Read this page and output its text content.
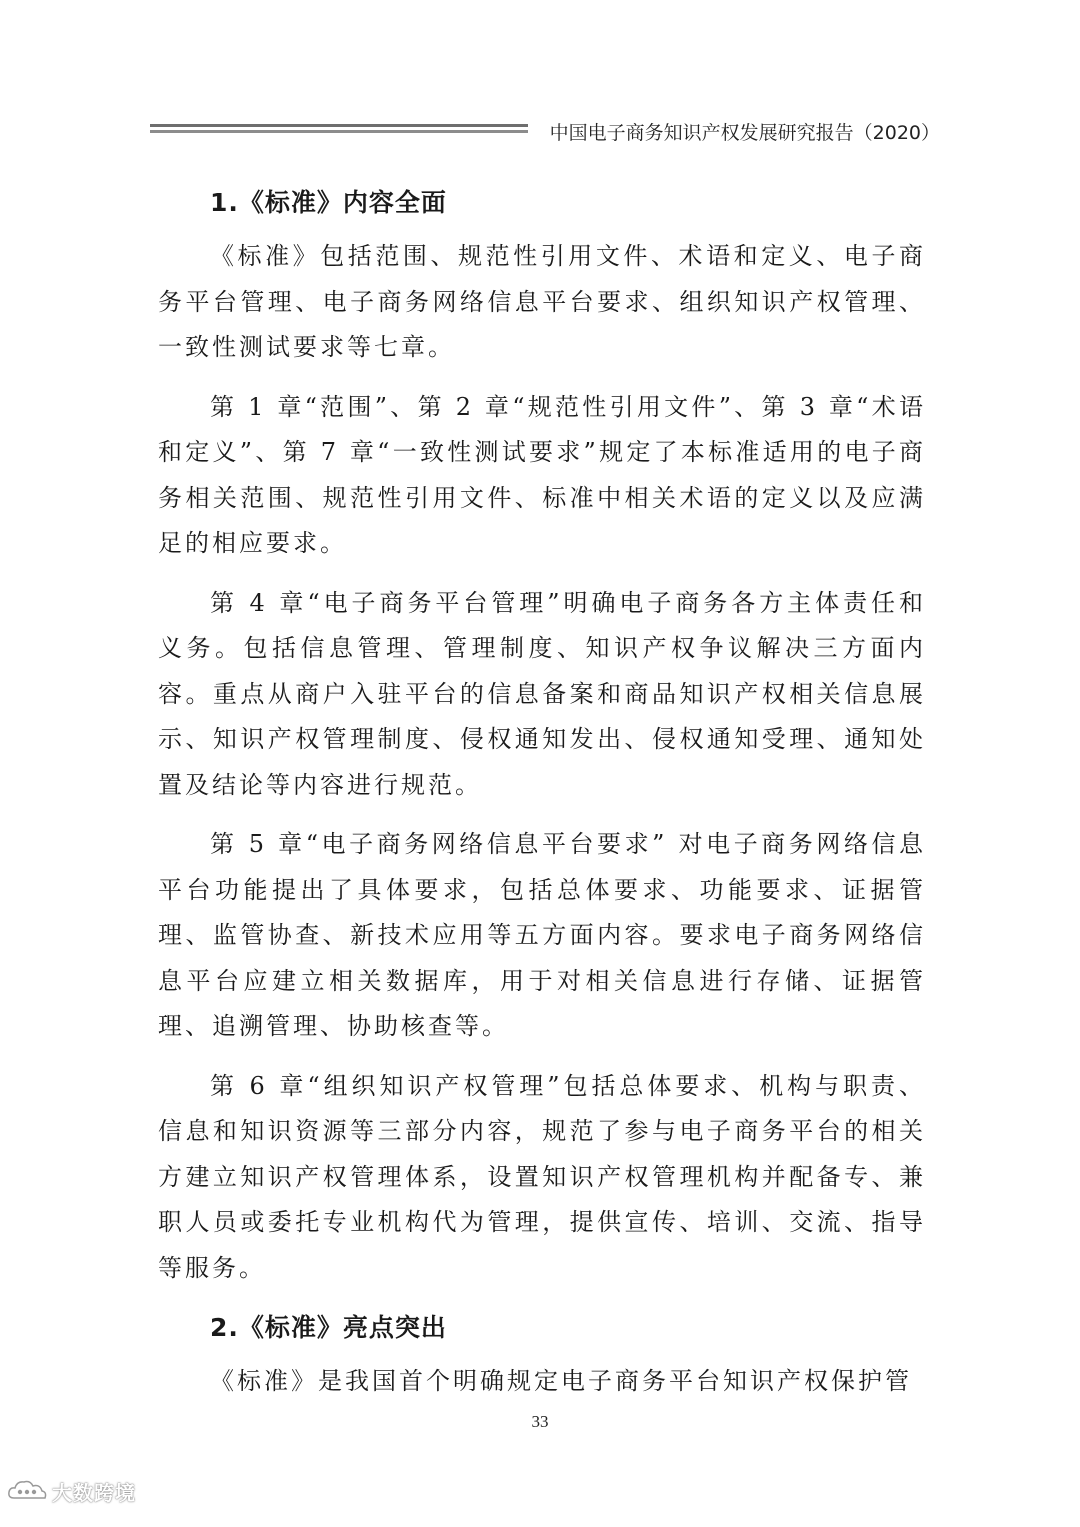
中国电子商务知识产权发展研究报告（2020）
1.《标准》内容全面

《标准》包括范围、规范性引用文件、术语和定义、电子商务平台管理、电子商务网络信息平台要求、组织知识产权管理、一致性测试要求等七章。

第 1 章“范围”、第 2 章“规范性引用文件”、第 3 章“术语和定义”、第 7 章“一致性测试要求”规定了本标准适用的电子商务相关范围、规范性引用文件、标准中相关术语的定义以及应满足的相应要求。

第 4 章“电子商务平台管理”明确电子商务各方主体责任和义务。包括信息管理、管理制度、知识产权争议解决三方面内容。重点从商户入驻平台的信息备案和商品知识产权相关信息展示、知识产权管理制度、侵权通知发出、侵权通知受理、通知处置及结论等内容进行规范。

第 5 章“电子商务网络信息平台要求” 对电子商务网络信息平台功能提出了具体要求，包括总体要求、功能要求、证据管理、监管协查、新技术应用等五方面内容。要求电子商务网络信息平台应建立相关数据库，用于对相关信息进行存储、证据管理、追溯管理、协助核查等。

第 6 章“组织知识产权管理”包括总体要求、机构与职责、信息和知识资源等三部分内容，规范了参与电子商务平台的相关方建立知识产权管理体系，设置知识产权管理机构并配备专、兼职人员或委托专业机构代为管理，提供宣传、培训、交流、指导等服务。

2.《标准》亮点突出

《标准》是我国首个明确规定电子商务平台知识产权保护管

33
大数跨境
